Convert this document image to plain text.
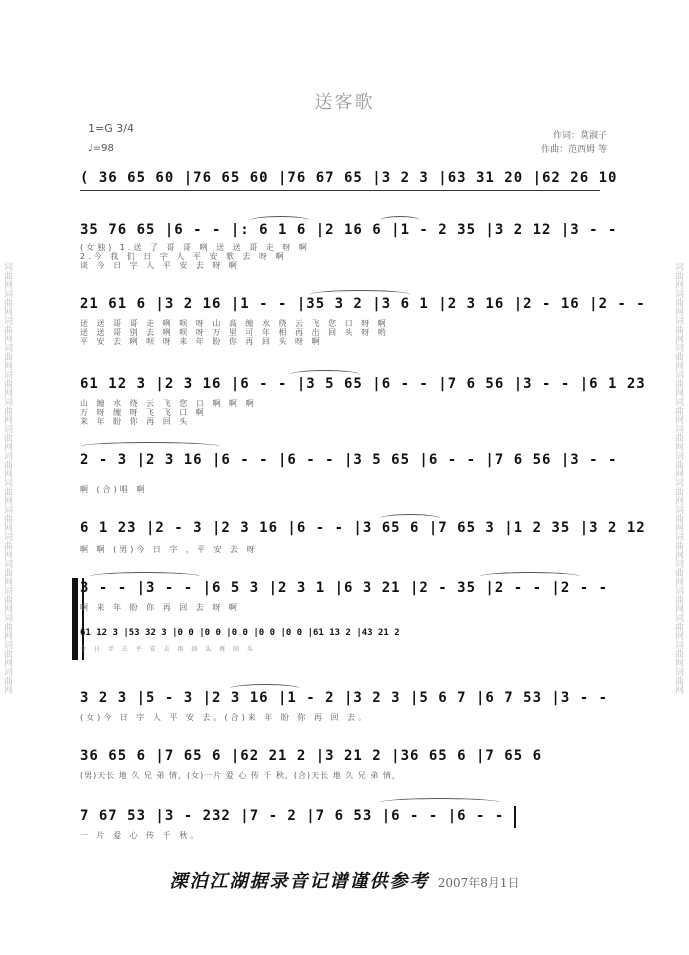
词曲网词曲网词曲网词曲网词曲网词曲网词曲网词曲网词曲网词曲网词曲网词曲网词曲网词曲网词曲网词曲网	词曲网词曲网词曲网词曲网词曲网词曲网词曲网词曲网词曲网词曲网词曲网词曲网词曲网词曲网词曲网词曲网
送客歌
1=G 3/4
♩=98
作词：莫淑子
作曲：范西姆 等
( 36 65 60 |76 65 60 |76 67 65 |3 2 3 |63 31 20 |62 26 10
35 76 65 |6 - - |: 6 1 6 |2 16 6 |1 - 2 35 |3 2 12 |3 - -
(女独) 1.送 了 哥 哥 咧 送 送 哥 走 呀 啊
2.今 我 们 日 字 人 平 安 歌 去 呀 啊
谈 今 日 字 人 平 安 去 呀 啊
21 61 6 |3 2 16 |1 - - |35 3 2 |3 6 1 |2 3 16 |2 - 16 |2 - -
送 送 哥 哥 走 咧 呗 呀 山 高 缠 水 绕 云 飞 您 口 呀 啊
送 送 哥 别 去 咧 呗 呀 万 里 可 年 相 再 出 回 头 呀 哟
平 安 去 咧 呗 呀 来 年 盼 你 再 回 头 呀 啊
61 12 3 |2 3 16 |6 - - |3 5 65 |6 - - |7 6 56 |3 - - |6 1 23
山 缠 水 绕 云 飞 您 口 啊 啊 啊
万 呀 缠 呀 飞 飞 口 啊
来 年 盼 你 再 回 头
2 - 3 |2 3 16 |6 - - |6 - - |3 5 65 |6 - - |7 6 56 |3 - -
啊 (合)唱 啊
6 1 23 |2 - 3 |2 3 16 |6 - - |3 65 6 |7 65 3 |1 2 35 |3 2 12
啊 啊 (男)今 日 字 ，平 安 去 呀
3 - - |3 - - |6 5 3 |2 3 1 |6 3 21 |2 - 35 |2 - - |2 - -
啊 来 年 盼 你 再 回 去 呀 啊
61 12 3 |53 32 3 |0 0 |0 0 |0 0 |0 0 |0 0 |61 13 2 |43 21 2
今 日 字 去 平 安 去 再 回 头 再 回 头
3 2 3 |5 - 3 |2 3 16 |1 - 2 |3 2 3 |5 6 7 |6 7 53 |3 - -
(女)今 日 字 人 平 安 去。(合)来 年 盼 你 再 回 去。
36 65 6 |7 65 6 |62 21 2 |3 21 2 |36 65 6 |7 65 6
(男)天长 地 久 兄 弟 情，(女)一片 爱 心 传 千 秋，(合)天长 地 久 兄 弟 情，
7 67 53 |3 - 232 |7 - 2 |7 6 53 |6 - - |6 - -
一 片 爱 心 传 千 秋。
溧泊江湖据录音记谱谨供参考 2007年8月1日
